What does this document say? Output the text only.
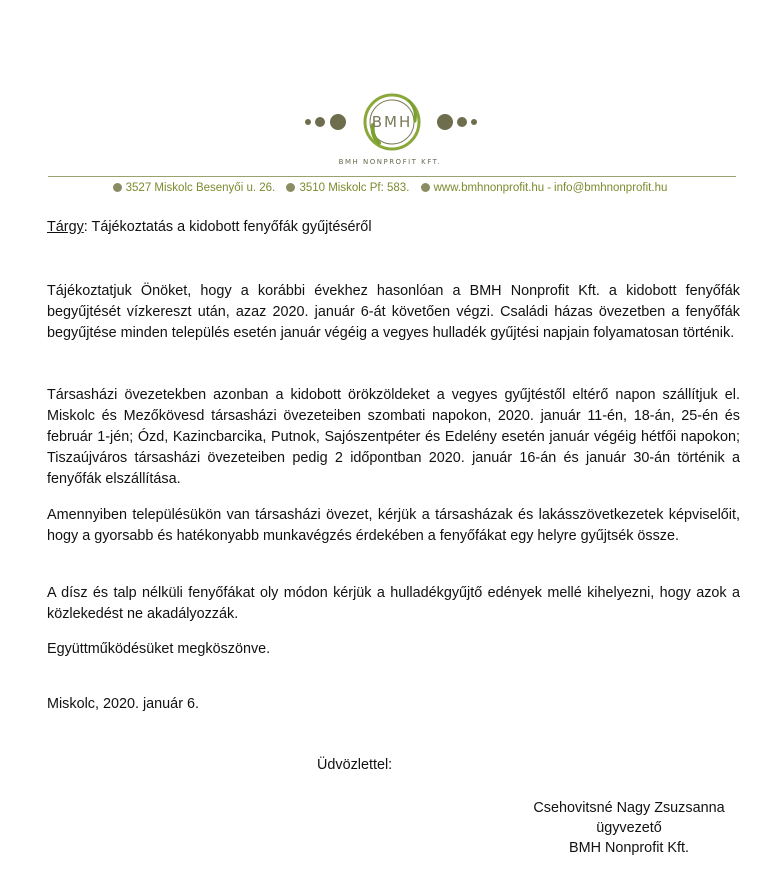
BMH
BMH NONPROFIT KFT.
3527 Miskolc Besenyői u. 26. 3510 Miskolc Pf: 583. www.bmhnonprofit.hu - info@bmhnonprofit.hu
Tárgy: Tájékoztatás a kidobott fenyőfák gyűjtéséről

Tájékoztatjuk Önöket, hogy a korábbi évekhez hasonlóan a BMH Nonprofit Kft. a kidobott fenyőfák begyűjtését vízkereszt után, azaz 2020. január 6-át követően végzi. Családi házas övezetben a fenyőfák begyűjtése minden település esetén január végéig a vegyes hulladék gyűjtési napjain folyamatosan történik.

Társasházi övezetekben azonban a kidobott örökzöldeket a vegyes gyűjtéstől eltérő napon szállítjuk el. Miskolc és Mezőkövesd társasházi övezeteiben szombati napokon, 2020. január 11-én, 18-án, 25-én és február 1-jén; Ózd, Kazincbarcika, Putnok, Sajószentpéter és Edelény esetén január végéig hétfői napokon; Tiszaújváros társasházi övezeteiben pedig 2 időpontban 2020. január 16-án és január 30-án történik a fenyőfák elszállítása.

Amennyiben településükön van társasházi övezet, kérjük a társasházak és lakásszövetkezetek képviselőit, hogy a gyorsabb és hatékonyabb munkavégzés érdekében a fenyőfákat egy helyre gyűjtsék össze.

A dísz és talp nélküli fenyőfákat oly módon kérjük a hulladékgyűjtő edények mellé kihelyezni, hogy azok a közlekedést ne akadályozzák.

Együttműködésüket megköszönve.

Miskolc, 2020. január 6.

Üdvözlettel:
Csehovitsné Nagy Zsuzsanna
ügyvezető
BMH Nonprofit Kft.
